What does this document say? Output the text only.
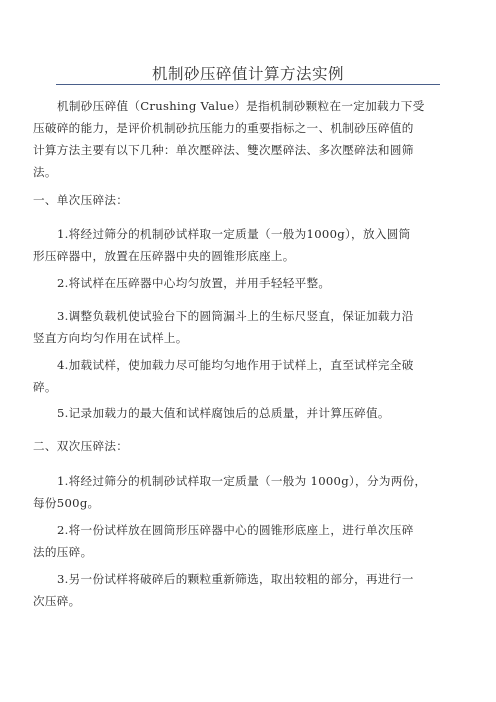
机制砂压碎值计算方法实例
机制砂压碎值（Crushing Value）是指机制砂颗粒在一定加载力下受
压破碎的能力，是评价机制砂抗压能力的重要指标之一、机制砂压碎值的
计算方法主要有以下几种：单次壓碎法、雙次壓碎法、多次壓碎法和圆筛
法。
一、单次压碎法：
1.将经过筛分的机制砂试样取一定质量（一般为1000g），放入圆筒
形压碎器中，放置在压碎器中央的圆锥形底座上。
2.将试样在压碎器中心均匀放置，并用手轻轻平整。
3.调整负载机使试验台下的圆筒漏斗上的生标尺竖直，保证加载力沿
竖直方向均匀作用在试样上。
4.加载试样，使加载力尽可能均匀地作用于试样上，直至试样完全破
碎。
5.记录加载力的最大值和试样腐蚀后的总质量，并计算压碎值。
二、双次压碎法：
1.将经过筛分的机制砂试样取一定质量（一般为 1000g），分为两份，
每份500g。
2.将一份试样放在圆筒形压碎器中心的圆锥形底座上，进行单次压碎
法的压碎。
3.另一份试样将破碎后的颗粒重新筛选，取出较粗的部分，再进行一
次压碎。
